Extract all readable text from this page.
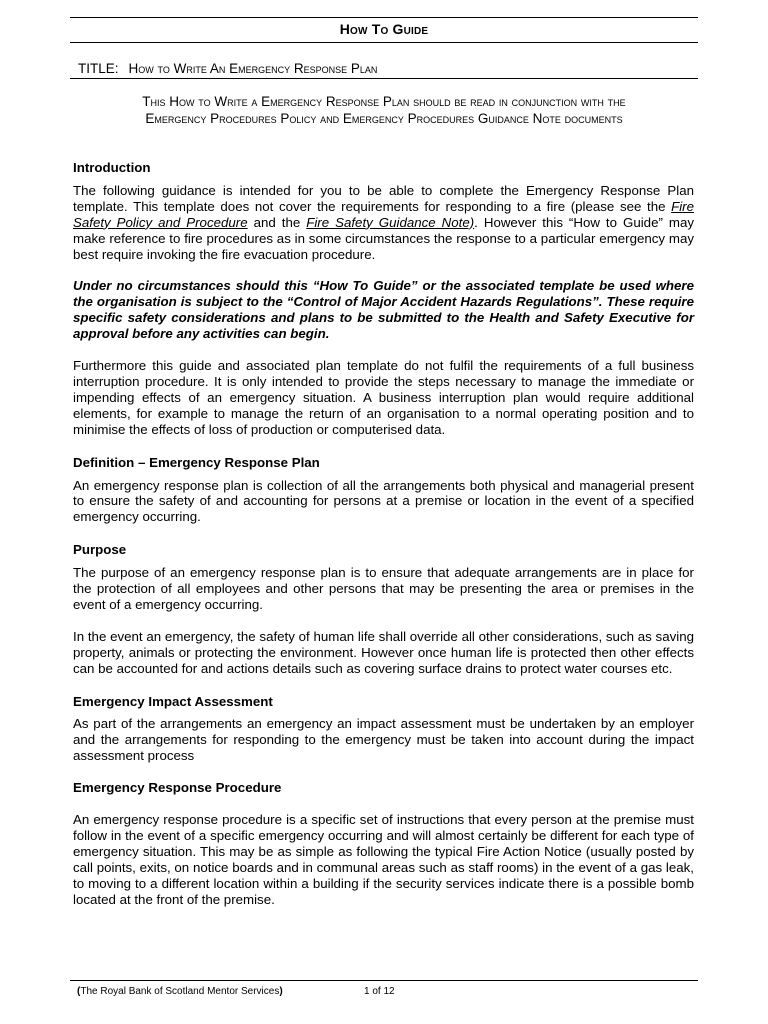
How To Guide
TITLE: How to Write An Emergency Response Plan
This How to Write a Emergency Response Plan should be read in conjunction with the
Emergency Procedures Policy and Emergency Procedures Guidance Note documents
Introduction

The following guidance is intended for you to be able to complete the Emergency Response Plan template. This template does not cover the requirements for responding to a fire (please see the Fire Safety Policy and Procedure and the Fire Safety Guidance Note). However this “How to Guide” may make reference to fire procedures as in some circumstances the response to a particular emergency may best require invoking the fire evacuation procedure.

Under no circumstances should this “How To Guide” or the associated template be used where the organisation is subject to the “Control of Major Accident Hazards Regulations”. These require specific safety considerations and plans to be submitted to the Health and Safety Executive for approval before any activities can begin.

Furthermore this guide and associated plan template do not fulfil the requirements of a full business interruption procedure. It is only intended to provide the steps necessary to manage the immediate or impending effects of an emergency situation. A business interruption plan would require additional elements, for example to manage the return of an organisation to a normal operating position and to minimise the effects of loss of production or computerised data.

Definition – Emergency Response Plan

An emergency response plan is collection of all the arrangements both physical and managerial present to ensure the safety of and accounting for persons at a premise or location in the event of a specified emergency occurring.

Purpose

The purpose of an emergency response plan is to ensure that adequate arrangements are in place for the protection of all employees and other persons that may be presenting the area or premises in the event of a emergency occurring.

In the event an emergency, the safety of human life shall override all other considerations, such as saving property, animals or protecting the environment. However once human life is protected then other effects can be accounted for and actions details such as covering surface drains to protect water courses etc.

Emergency Impact Assessment

As part of the arrangements an emergency an impact assessment must be undertaken by an employer and the arrangements for responding to the emergency must be taken into account during the impact assessment process

Emergency Response Procedure

An emergency response procedure is a specific set of instructions that every person at the premise must follow in the event of a specific emergency occurring and will almost certainly be different for each type of emergency situation. This may be as simple as following the typical Fire Action Notice (usually posted by call points, exits, on notice boards and in communal areas such as staff rooms) in the event of a gas leak, to moving to a different location within a building if the security services indicate there is a possible bomb located at the front of the premise.

(The Royal Bank of Scotland Mentor Services)	1 of 12
